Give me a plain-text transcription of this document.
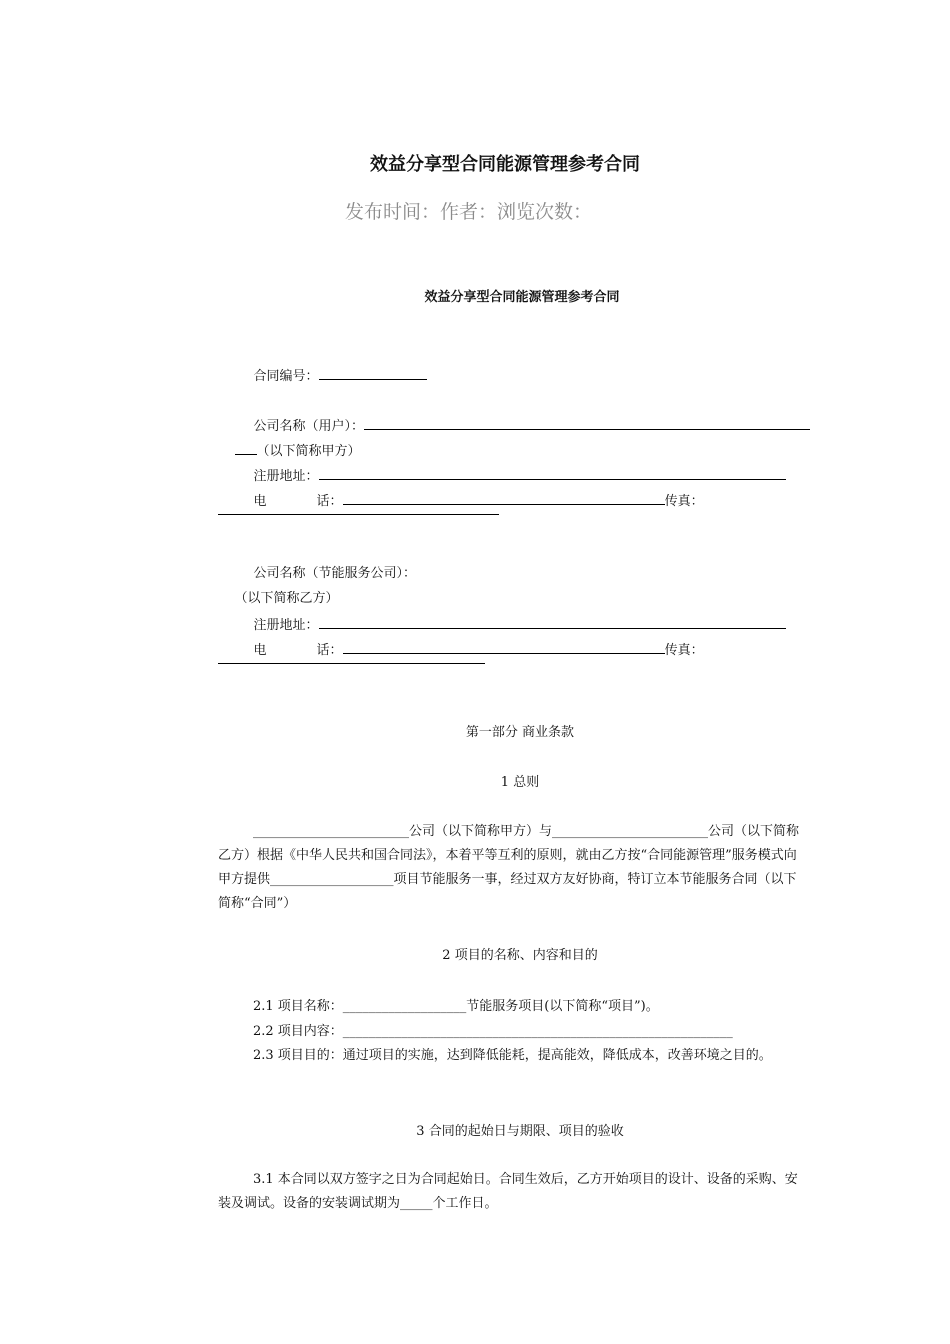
效益分享型合同能源管理参考合同
发布时间：作者：浏览次数：
效益分享型合同能源管理参考合同

合同编号：

公司名称（用户）：

（以下简称甲方）

注册地址：

电	话：	传真：

公司名称（节能服务公司）：

（以下简称乙方）

注册地址：

电	话：	传真：

第一部分 商业条款
1 总则
________________________公司（以下简称甲方）与________________________公司（以下简称乙方）根据《中华人民共和国合同法》，本着平等互利的原则，就由乙方按“合同能源管理”服务模式向甲方提供___________________项目节能服务一事，经过双方友好协商，特订立本节能服务合同（以下简称“合同”）
2 项目的名称、内容和目的
2.1 项目名称：___________________节能服务项目(以下简称“项目”)。
2.2 项目内容：____________________________________________________________
2.3 项目目的：通过项目的实施，达到降低能耗，提高能效，降低成本，改善环境之目的。
3 合同的起始日与期限、项目的验收
3.1 本合同以双方签字之日为合同起始日。合同生效后，乙方开始项目的设计、设备的采购、安装及调试。设备的安装调试期为_____个工作日。
